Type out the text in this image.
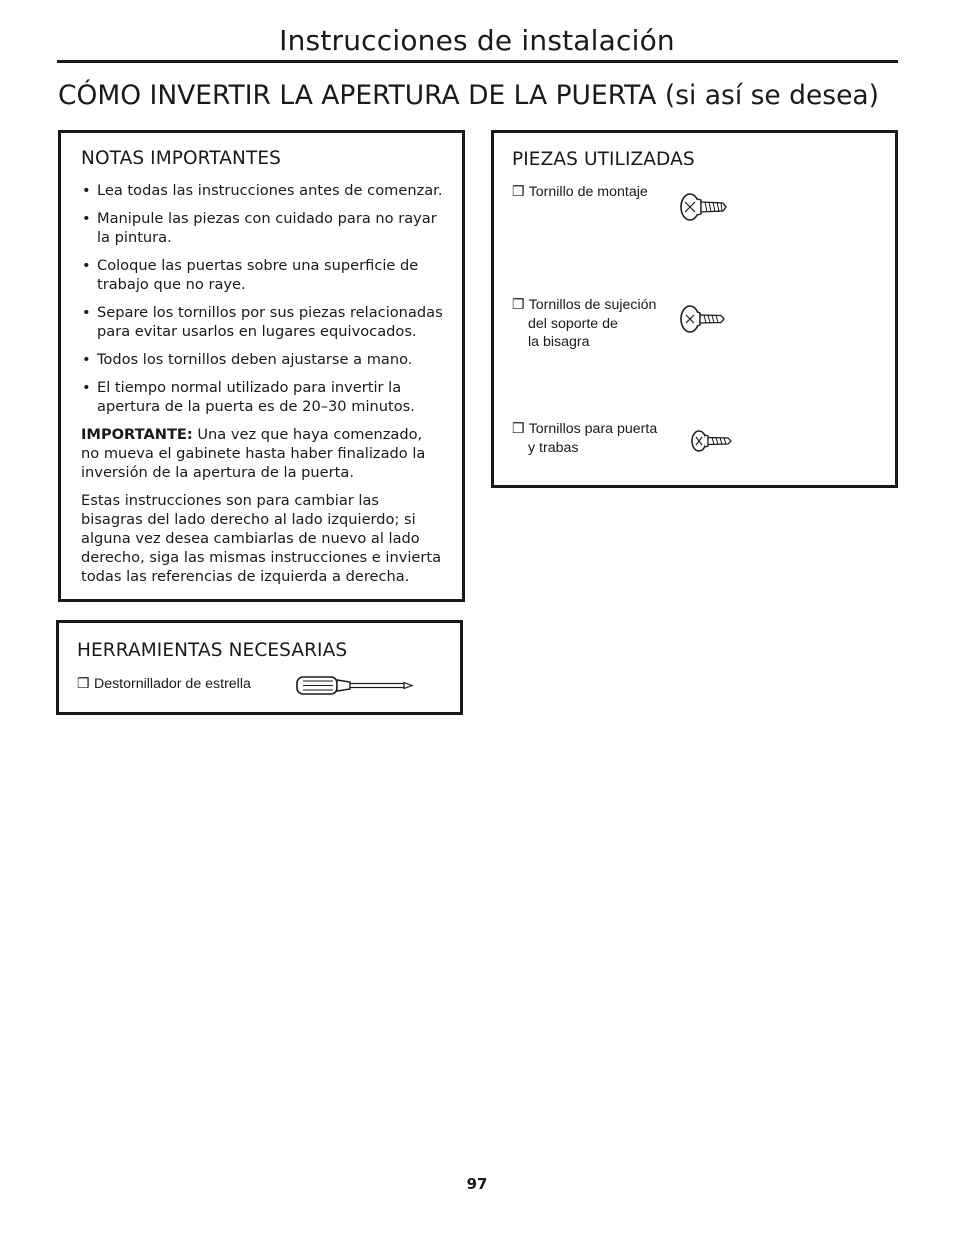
Instrucciones de instalación
CÓMO INVERTIR LA APERTURA DE LA PUERTA (si así se desea)
NOTAS IMPORTANTES
• Lea todas las instrucciones antes de comenzar.
• Manipule las piezas con cuidado para no rayar la pintura.
• Coloque las puertas sobre una superficie de trabajo que no raye.
• Separe los tornillos por sus piezas relacionadas para evitar usarlos en lugares equivocados.
• Todos los tornillos deben ajustarse a mano.
• El tiempo normal utilizado para invertir la apertura de la puerta es de 20–30 minutos.

IMPORTANTE: Una vez que haya comenzado, no mueva el gabinete hasta haber finalizado la inversión de la apertura de la puerta.

Estas instrucciones son para cambiar las bisagras del lado derecho al lado izquierdo; si alguna vez desea cambiarlas de nuevo al lado derecho, siga las mismas instrucciones e invierta todas las referencias de izquierda a derecha.

HERRAMIENTAS NECESARIAS
❒ Destornillador de estrella
PIEZAS UTILIZADAS
❒ Tornillo de montaje
❒ Tornillos de sujeción
del soporte de
la bisagra
❒ Tornillos para puerta
y trabas
97
